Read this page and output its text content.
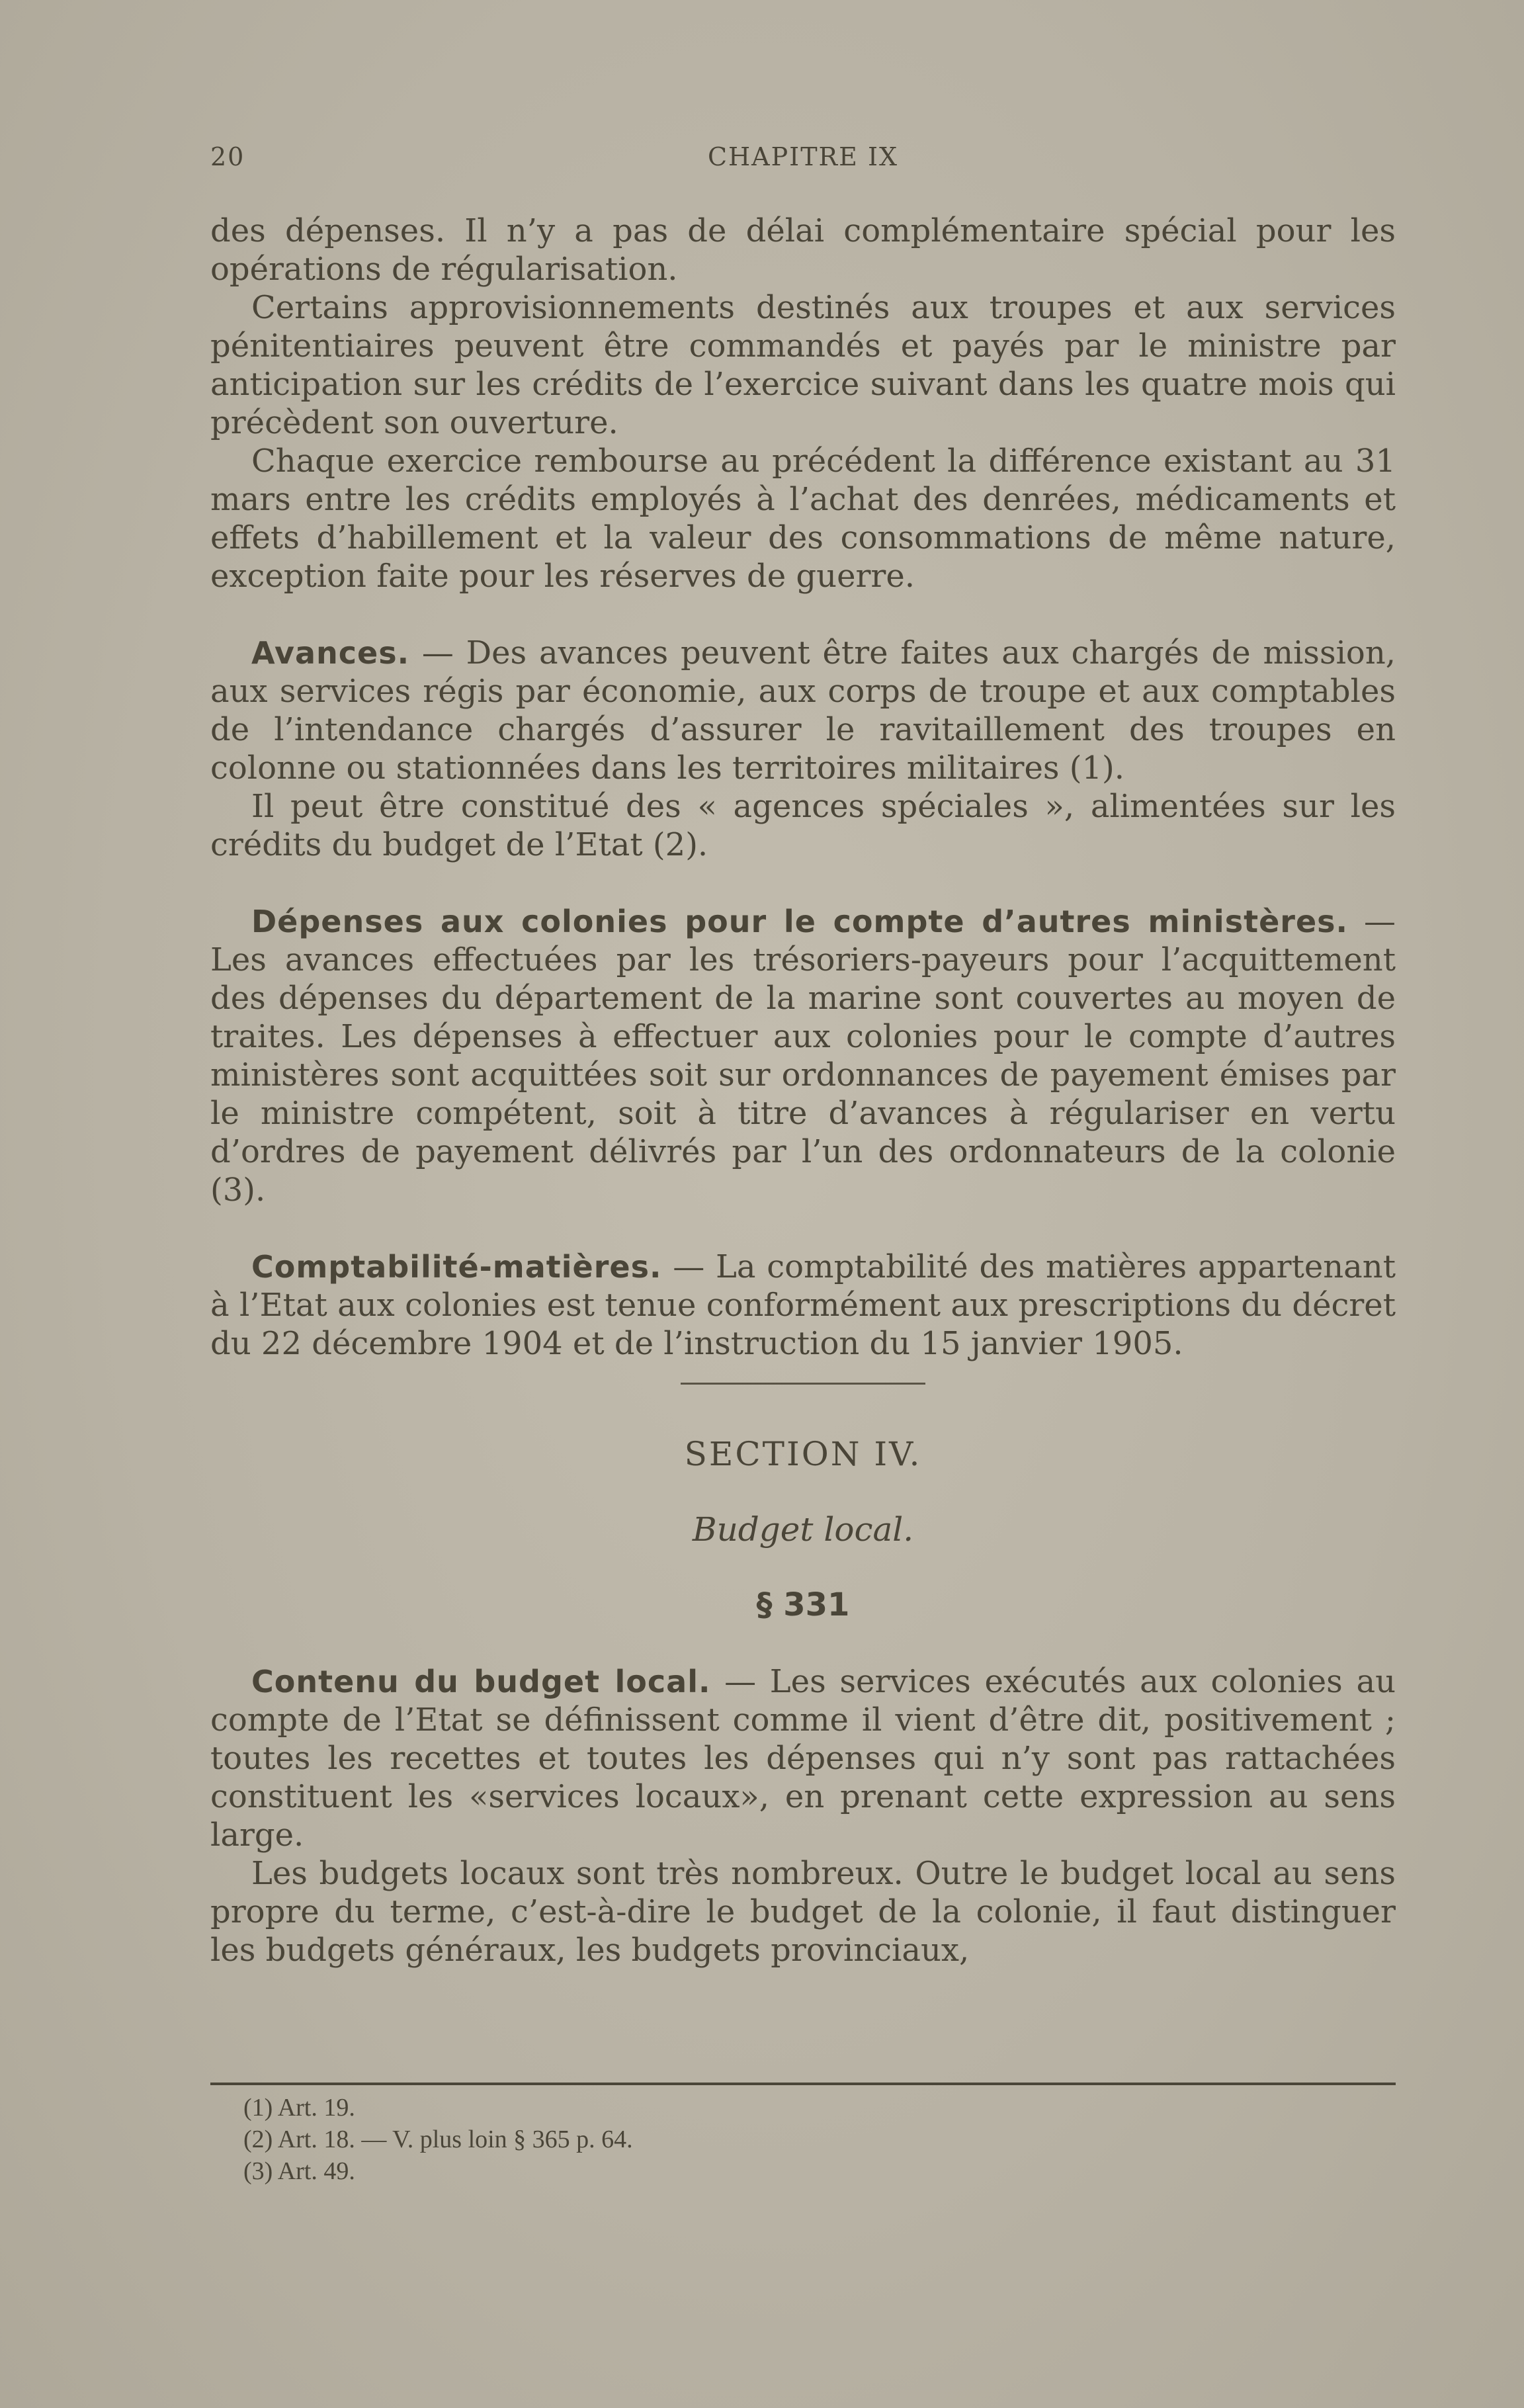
20	CHAPITRE IX

des dépenses. Il n’y a pas de délai complémentaire spécial pour les opérations de régularisation.

Certains approvisionnements destinés aux troupes et aux services pénitentiaires peuvent être commandés et payés par le ministre par anticipation sur les crédits de l’exercice suivant dans les quatre mois qui précèdent son ouverture.

Chaque exercice rembourse au précédent la différence existant au 31 mars entre les crédits employés à l’achat des denrées, médicaments et effets d’habillement et la valeur des consommations de même nature, exception faite pour les réserves de guerre.

Avances. — Des avances peuvent être faites aux chargés de mission, aux services régis par économie, aux corps de troupe et aux comptables de l’intendance chargés d’assurer le ravitaillement des troupes en colonne ou stationnées dans les territoires militaires (1).

Il peut être constitué des « agences spéciales », alimentées sur les crédits du budget de l’Etat (2).

Dépenses aux colonies pour le compte d’autres ministères. — Les avances effectuées par les trésoriers-payeurs pour l’acquittement des dépenses du département de la marine sont couvertes au moyen de traites. Les dépenses à effectuer aux colonies pour le compte d’autres ministères sont acquittées soit sur ordonnances de payement émises par le ministre compétent, soit à titre d’avances à régulariser en vertu d’ordres de payement délivrés par l’un des ordonnateurs de la colonie (3).

Comptabilité-matières. — La comptabilité des matières appartenant à l’Etat aux colonies est tenue conformément aux prescriptions du décret du 22 décembre 1904 et de l’instruction du 15 janvier 1905.

SECTION IV.
Budget local.
§ 331

Contenu du budget local. — Les services exécutés aux colonies au compte de l’Etat se définissent comme il vient d’être dit, positivement ; toutes les recettes et toutes les dépenses qui n’y sont pas rattachées constituent les «services locaux», en prenant cette expression au sens large.

Les budgets locaux sont très nombreux. Outre le budget local au sens propre du terme, c’est-à-dire le budget de la colonie, il faut distinguer les budgets généraux, les budgets provinciaux,

(1) Art. 19.
(2) Art. 18. — V. plus loin § 365 p. 64.
(3) Art. 49.
